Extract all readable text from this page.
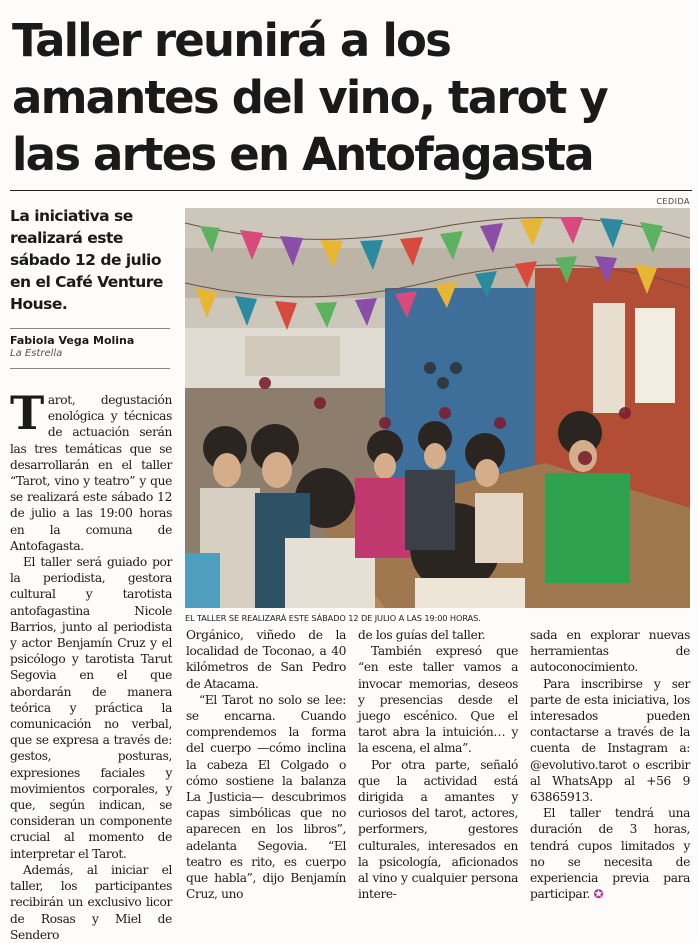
Taller reunirá a los
amantes del vino, tarot y
las artes en Antofagasta
La iniciativa se realizará este sábado 12 de julio en el Café Venture House.
Fabiola Vega Molina
La Estrella
CEDIDA
EL TALLER SE REALIZARÁ ESTE SÁBADO 12 DE JULIO A LAS 19:00 HORAS.

Tarot, degustación enológica y técnicas de actuación serán las tres temáticas que se desarrollarán en el taller “Tarot, vino y teatro” y que se realizará este sábado 12 de julio a las 19:00 horas en la comuna de Antofagasta.

El taller será guiado por la periodista, gestora cultural y tarotista antofagastina Nicole Barrios, junto al periodista y actor Benjamín Cruz y el psicólogo y tarotista Tarut Segovia en el que abordarán de manera teórica y práctica la comunicación no verbal, que se expresa a través de: gestos, posturas, expresiones faciales y movimientos corporales, y que, según indican, se consideran un componente crucial al momento de interpretar el Tarot.

Además, al iniciar el taller, los participantes recibirán un exclusivo licor de Rosas y Miel de Sendero

Orgánico, viñedo de la localidad de Toconao, a 40 kilómetros de San Pedro de Atacama.

“El Tarot no solo se lee: se encarna. Cuando comprendemos la forma del cuerpo —cómo inclina la cabeza El Colgado o cómo sostiene la balanza La Justicia— descubrimos capas simbólicas que no aparecen en los libros”, adelanta Segovia. “El teatro es rito, es cuerpo que habla”, dijo Benjamín Cruz, uno

de los guías del taller.

También expresó que “en este taller vamos a invocar memorias, deseos y presencias desde el juego escénico. Que el tarot abra la intuición… y la escena, el alma”.

Por otra parte, señaló que la actividad está dirigida a amantes y curiosos del tarot, actores, performers, gestores culturales, interesados en la psicología, aficionados al vino y cualquier persona intere-

sada en explorar nuevas herramientas de autoconocimiento.

Para inscribirse y ser parte de esta iniciativa, los interesados pueden contactarse a través de la cuenta de Instagram a: @evolutivo.tarot o escribir al WhatsApp al +56 9 63865913.

El taller tendrá una duración de 3 horas, tendrá cupos limitados y no se necesita de experiencia previa para participar. ✪
